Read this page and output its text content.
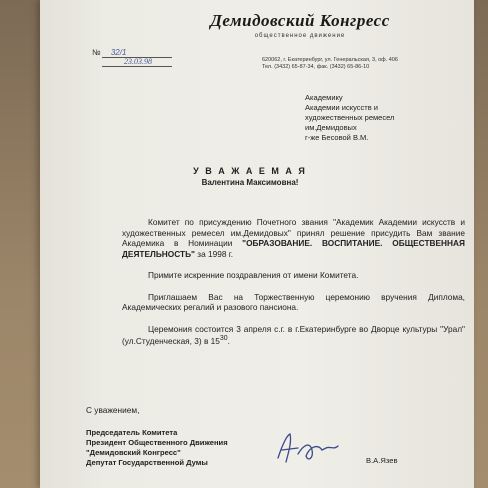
Демидовский Конгресс
общественное движение
620062, г. Екатеринбург, ул. Генеральская, 3, оф. 406
Тел. (3432) 65-87-34, фак. (3432) 65-86-10
№ 32/1
23.03.98
Академику
Академии искусств и
художественных ремесел
им.Демидовых
г-же Бесовой В.М.
У В А Ж А Е М А Я
Валентина Максимовна!

Комитет по присуждению Почетного звания "Академик Академии искусств и художественных ремесел им.Демидовых" принял решение присудить Вам звание Академика в Номинации "ОБРАЗОВАНИЕ. ВОСПИТАНИЕ. ОБЩЕСТВЕННАЯ ДЕЯТЕЛЬНОСТЬ" за 1998 г.

Примите искренние поздравления от имени Комитета.

Приглашаем Вас на Торжественную церемонию вручения Диплома, Академических регалий и разового пансиона.

Церемония состоится 3 апреля с.г. в г.Екатеринбурге во Дворце культуры "Урал" (ул.Студенческая, 3) в $15^{30}$.

С уважением,
Председатель Комитета
Президент Общественного Движения
"Демидовский Конгресс"
Депутат Государственной Думы	В.А.Язев
